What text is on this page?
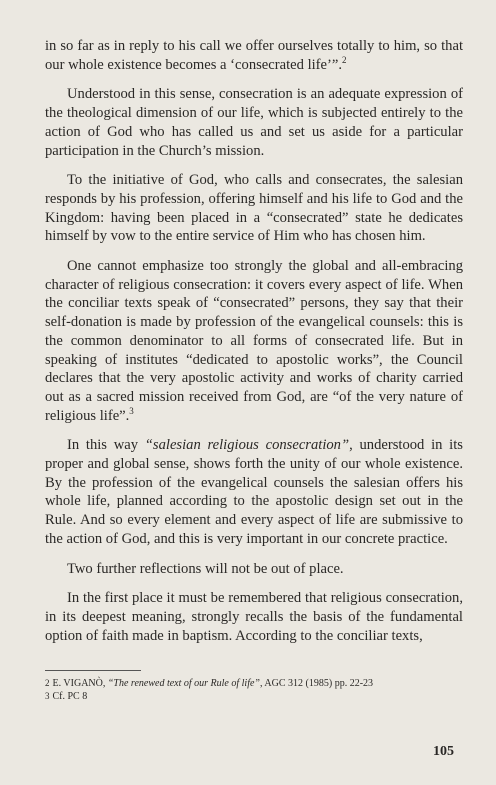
in so far as in reply to his call we offer ourselves totally to him, so that our whole existence becomes a ‘consecrated life’”.$^2$

Understood in this sense, consecration is an adequate expression of the theological dimension of our life, which is subjected entirely to the action of God who has called us and set us aside for a particular participation in the Church’s mission.

To the initiative of God, who calls and consecrates, the salesian responds by his profession, offering himself and his life to God and the Kingdom: having been placed in a “consecrated” state he dedicates himself by vow to the entire service of Him who has chosen him.

One cannot emphasize too strongly the global and all-embracing character of religious consecration: it covers every aspect of life. When the conciliar texts speak of “consecrated” persons, they say that their self-donation is made by profession of the evangelical counsels: this is the common denominator to all forms of consecrated life. But in speaking of institutes “dedicated to apostolic works”, the Council declares that the very apostolic activity and works of charity carried out as a sacred mission received from God, are “of the very nature of religious life”.$^3$

In this way “salesian religious consecration”, understood in its proper and global sense, shows forth the unity of our whole existence. By the profession of the evangelical counsels the salesian offers his whole life, planned according to the apostolic design set out in the Rule. And so every element and every aspect of life are submissive to the action of God, and this is very important in our concrete practice.

Two further reflections will not be out of place.

In the first place it must be remembered that religious consecration, in its deepest meaning, strongly recalls the basis of the fundamental option of faith made in baptism. According to the conciliar texts,

2 E. VIGANÒ, “The renewed text of our Rule of life”, AGC 312 (1985) pp. 22-23
3 Cf. PC 8
105
